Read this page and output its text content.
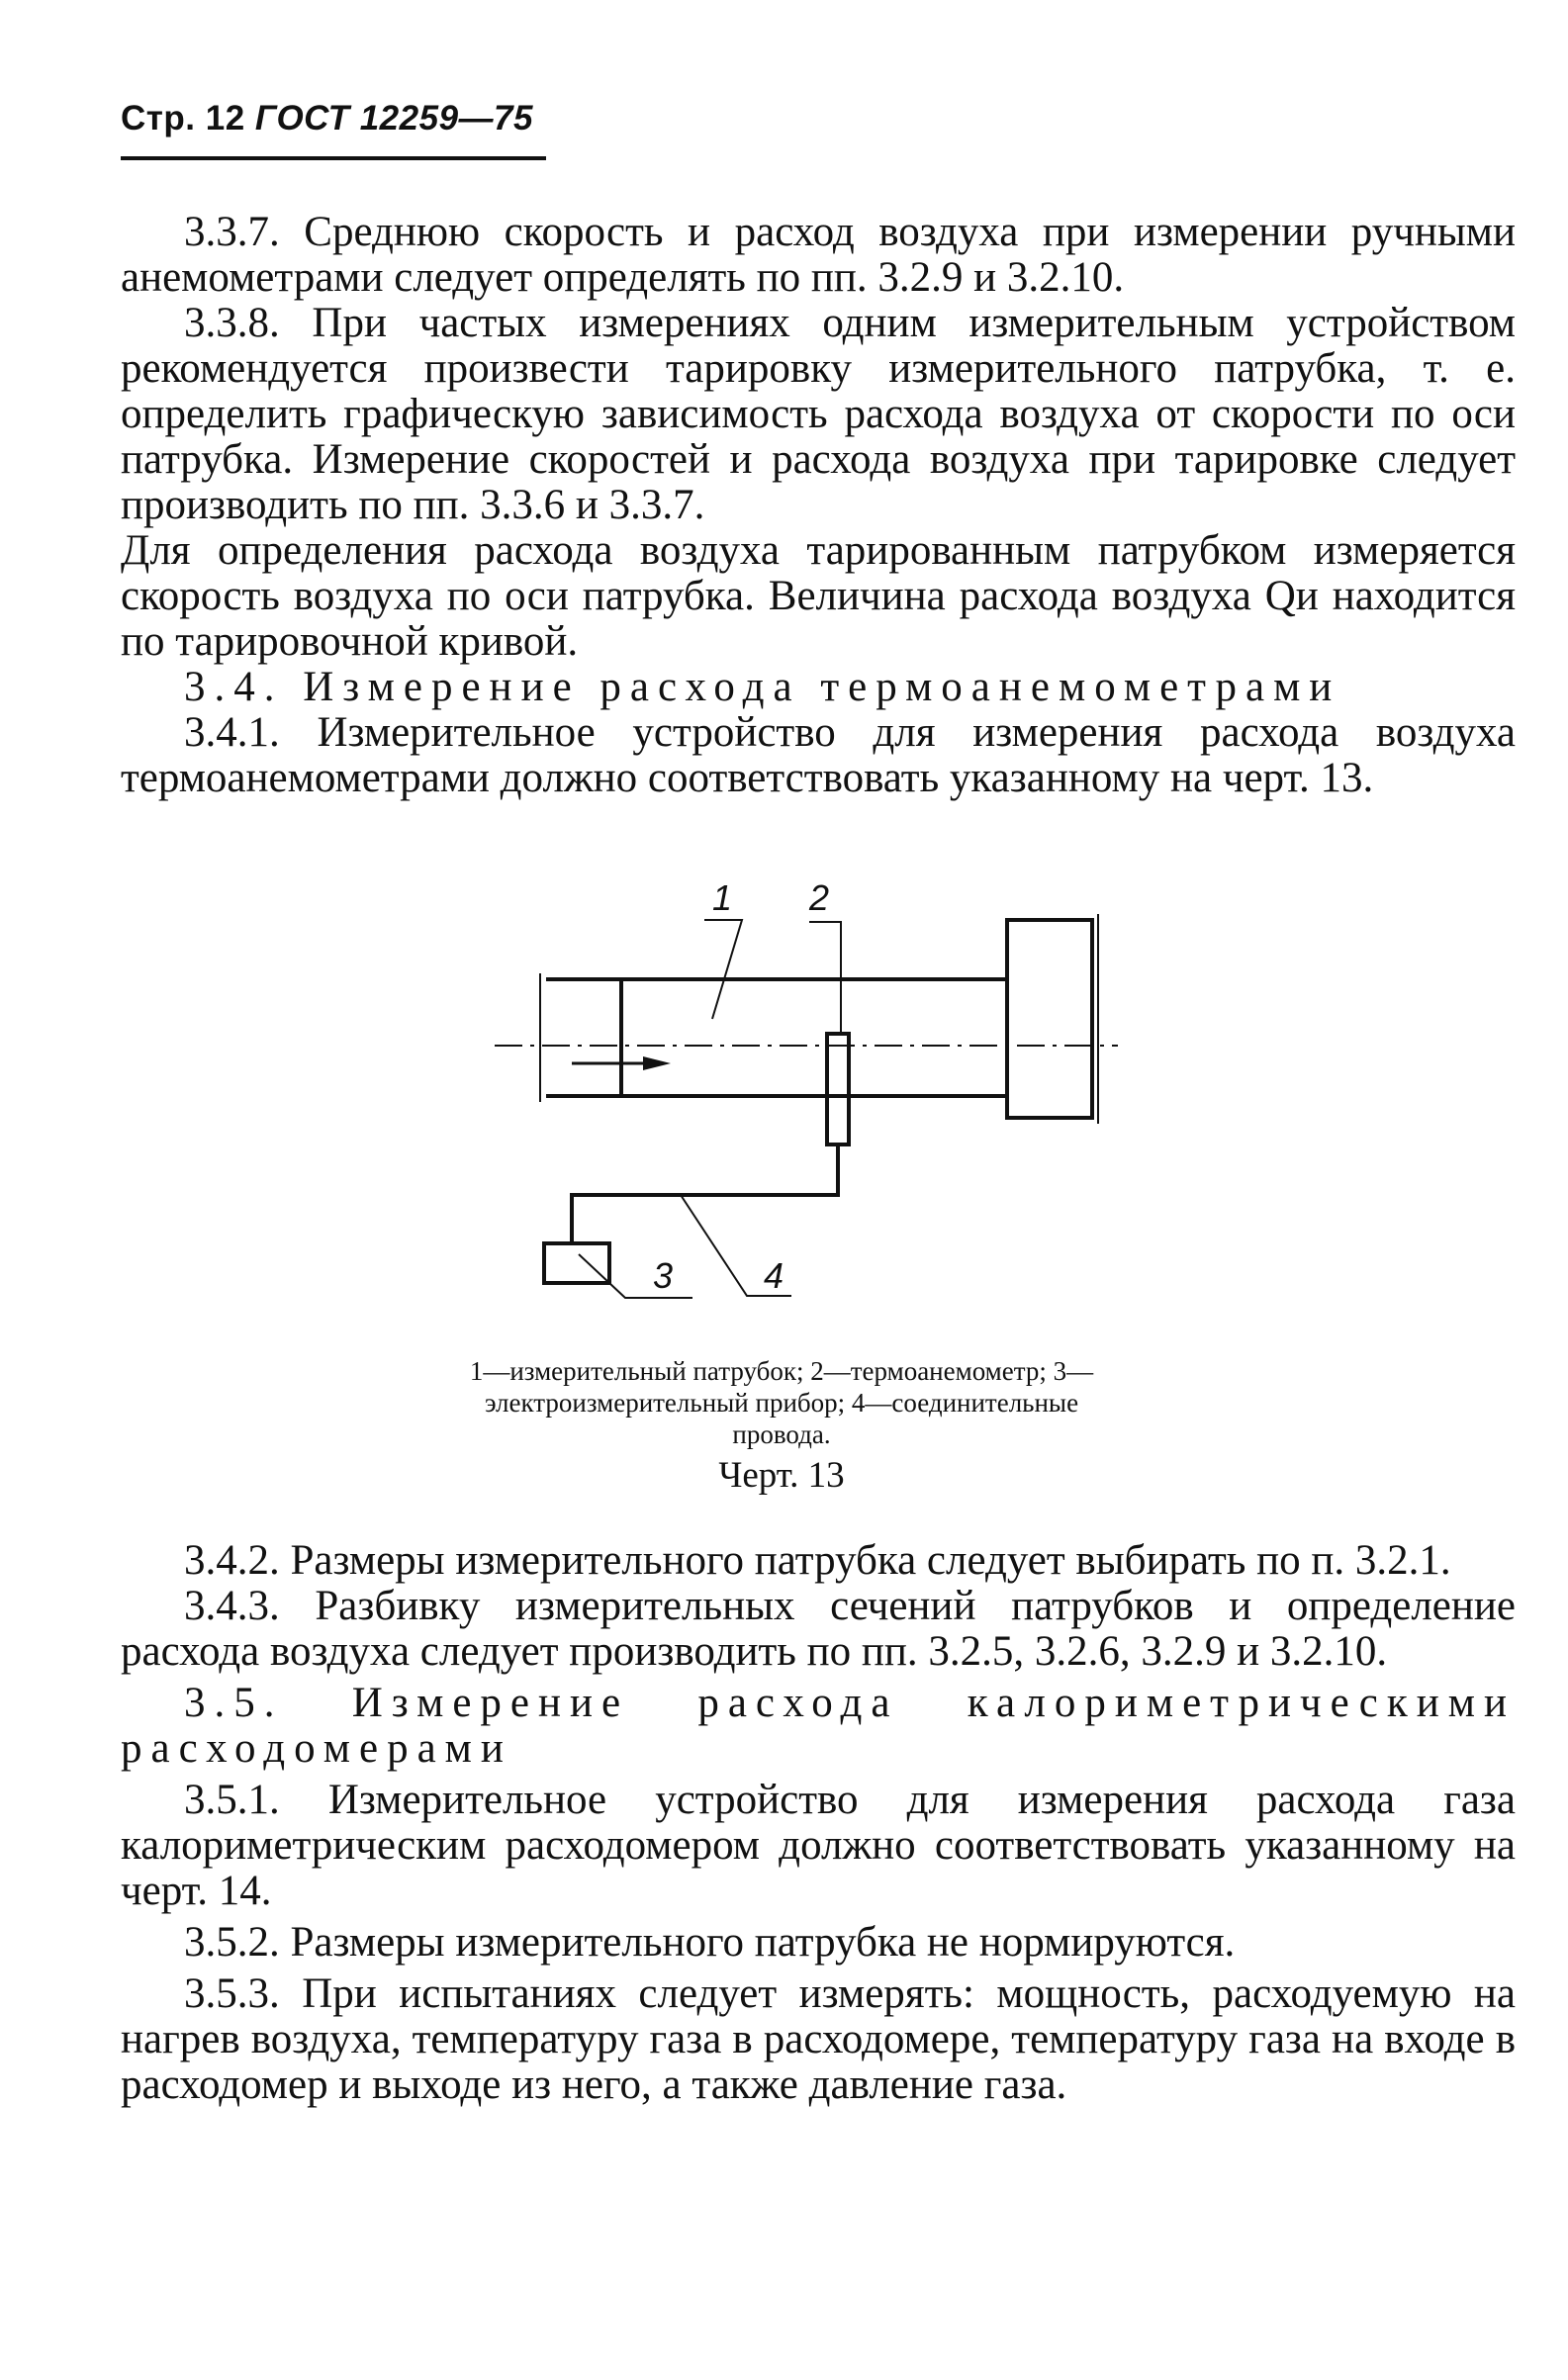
Стр. 12 ГОСТ 12259—75

3.3.7. Среднюю скорость и расход воздуха при измерении ручными анемометрами следует определять по пп. 3.2.9 и 3.2.10.

3.3.8. При частых измерениях одним измерительным устройством рекомендуется произвести тарировку измерительного патрубка, т. е. определить графическую зависимость расхода воздуха от скорости по оси патрубка. Измерение скоростей и расхода воздуха при тарировке следует производить по пп. 3.3.6 и 3.3.7.

Для определения расхода воздуха тарированным патрубком измеряется скорость воздуха по оси патрубка. Величина расхода воздуха Qи находится по тарировочной кривой.

3.4. Измерение расхода термоанемометрами

3.4.1. Измерительное устройство для измерения расхода воздуха термоанемометрами должно соответствовать указанному на черт. 13.

1 2
3	4
1—измерительный патрубок; 2—термоанемометр; 3—электроизмерительный прибор; 4—соединительные провода.
Черт. 13

3.4.2. Размеры измерительного патрубка следует выбирать по п. 3.2.1.

3.4.3. Разбивку измерительных сечений патрубков и определение расхода воздуха следует производить по пп. 3.2.5, 3.2.6, 3.2.9 и 3.2.10.

3.5. Измерение расхода калориметрическими расходомерами

3.5.1. Измерительное устройство для измерения расхода газа калориметрическим расходомером должно соответствовать указанному на черт. 14.

3.5.2. Размеры измерительного патрубка не нормируются.

3.5.3. При испытаниях следует измерять: мощность, расходуемую на нагрев воздуха, температуру газа в расходомере, температуру газа на входе в расходомер и выходе из него, а также давление газа.
